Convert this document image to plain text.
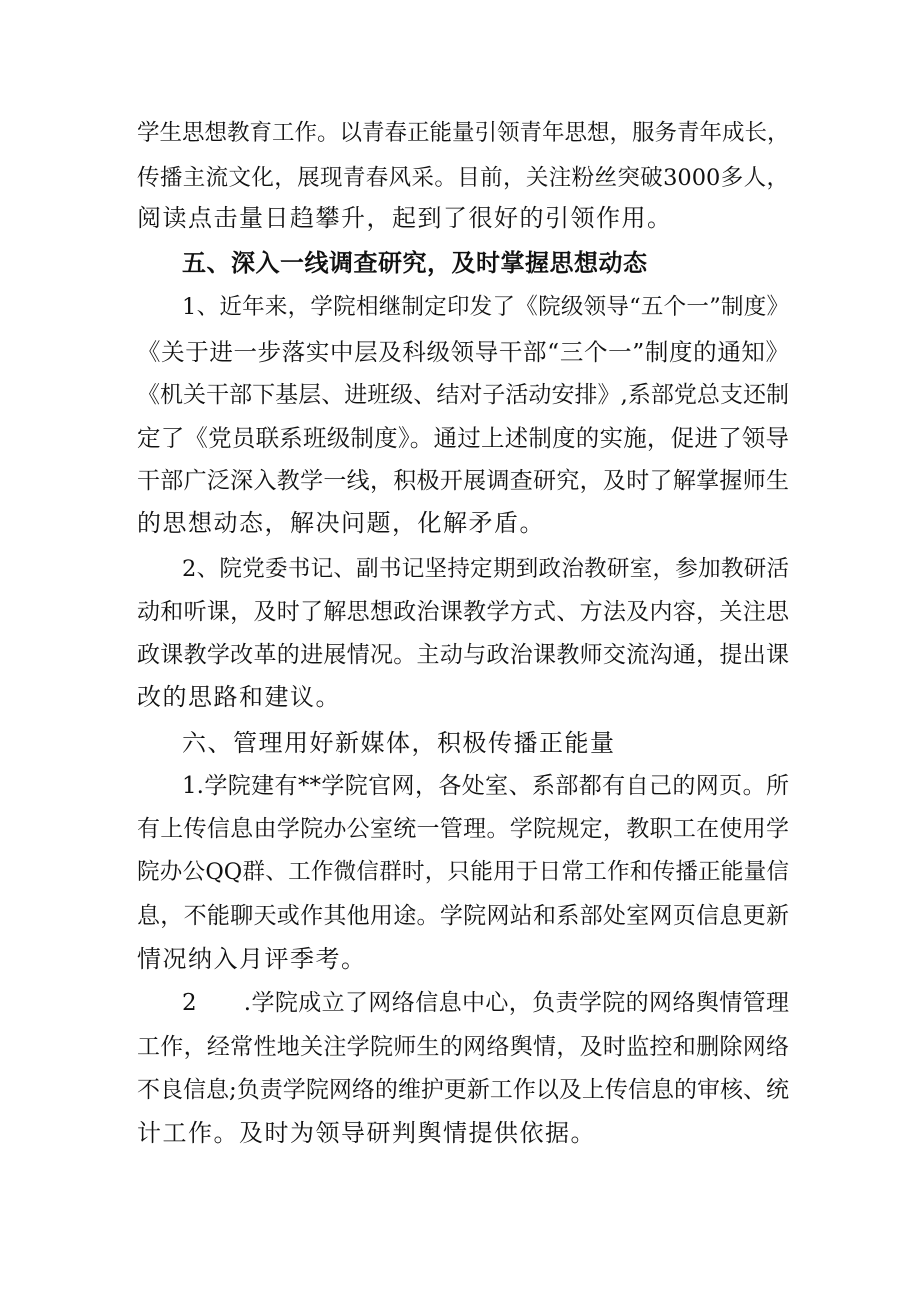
学生思想教育工作。以青春正能量引领青年思想，服务青年成长，
传播主流文化，展现青春风采。目前，关注粉丝突破3000多人，
阅读点击量日趋攀升，起到了很好的引领作用。
五、深入一线调查研究，及时掌握思想动态
1、近年来，学院相继制定印发了《院级领导“五个一”制度》
《关于进一步落实中层及科级领导干部“三个一”制度的通知》
《机关干部下基层、进班级、结对子活动安排》,系部党总支还制
定了《党员联系班级制度》。通过上述制度的实施，促进了领导
干部广泛深入教学一线，积极开展调查研究，及时了解掌握师生
的思想动态，解决问题，化解矛盾。
2、院党委书记、副书记坚持定期到政治教研室，参加教研活
动和听课，及时了解思想政治课教学方式、方法及内容，关注思
政课教学改革的进展情况。主动与政治课教师交流沟通，提出课
改的思路和建议。
六、管理用好新媒体，积极传播正能量
1.学院建有**学院官网，各处室、系部都有自己的网页。所
有上传信息由学院办公室统一管理。学院规定，教职工在使用学
院办公QQ群、工作微信群时，只能用于日常工作和传播正能量信
息，不能聊天或作其他用途。学院网站和系部处室网页信息更新
情况纳入月评季考。
2　　.学院成立了网络信息中心，负责学院的网络舆情管理
工作，经常性地关注学院师生的网络舆情，及时监控和删除网络
不良信息;负责学院网络的维护更新工作以及上传信息的审核、统
计工作。及时为领导研判舆情提供依据。
